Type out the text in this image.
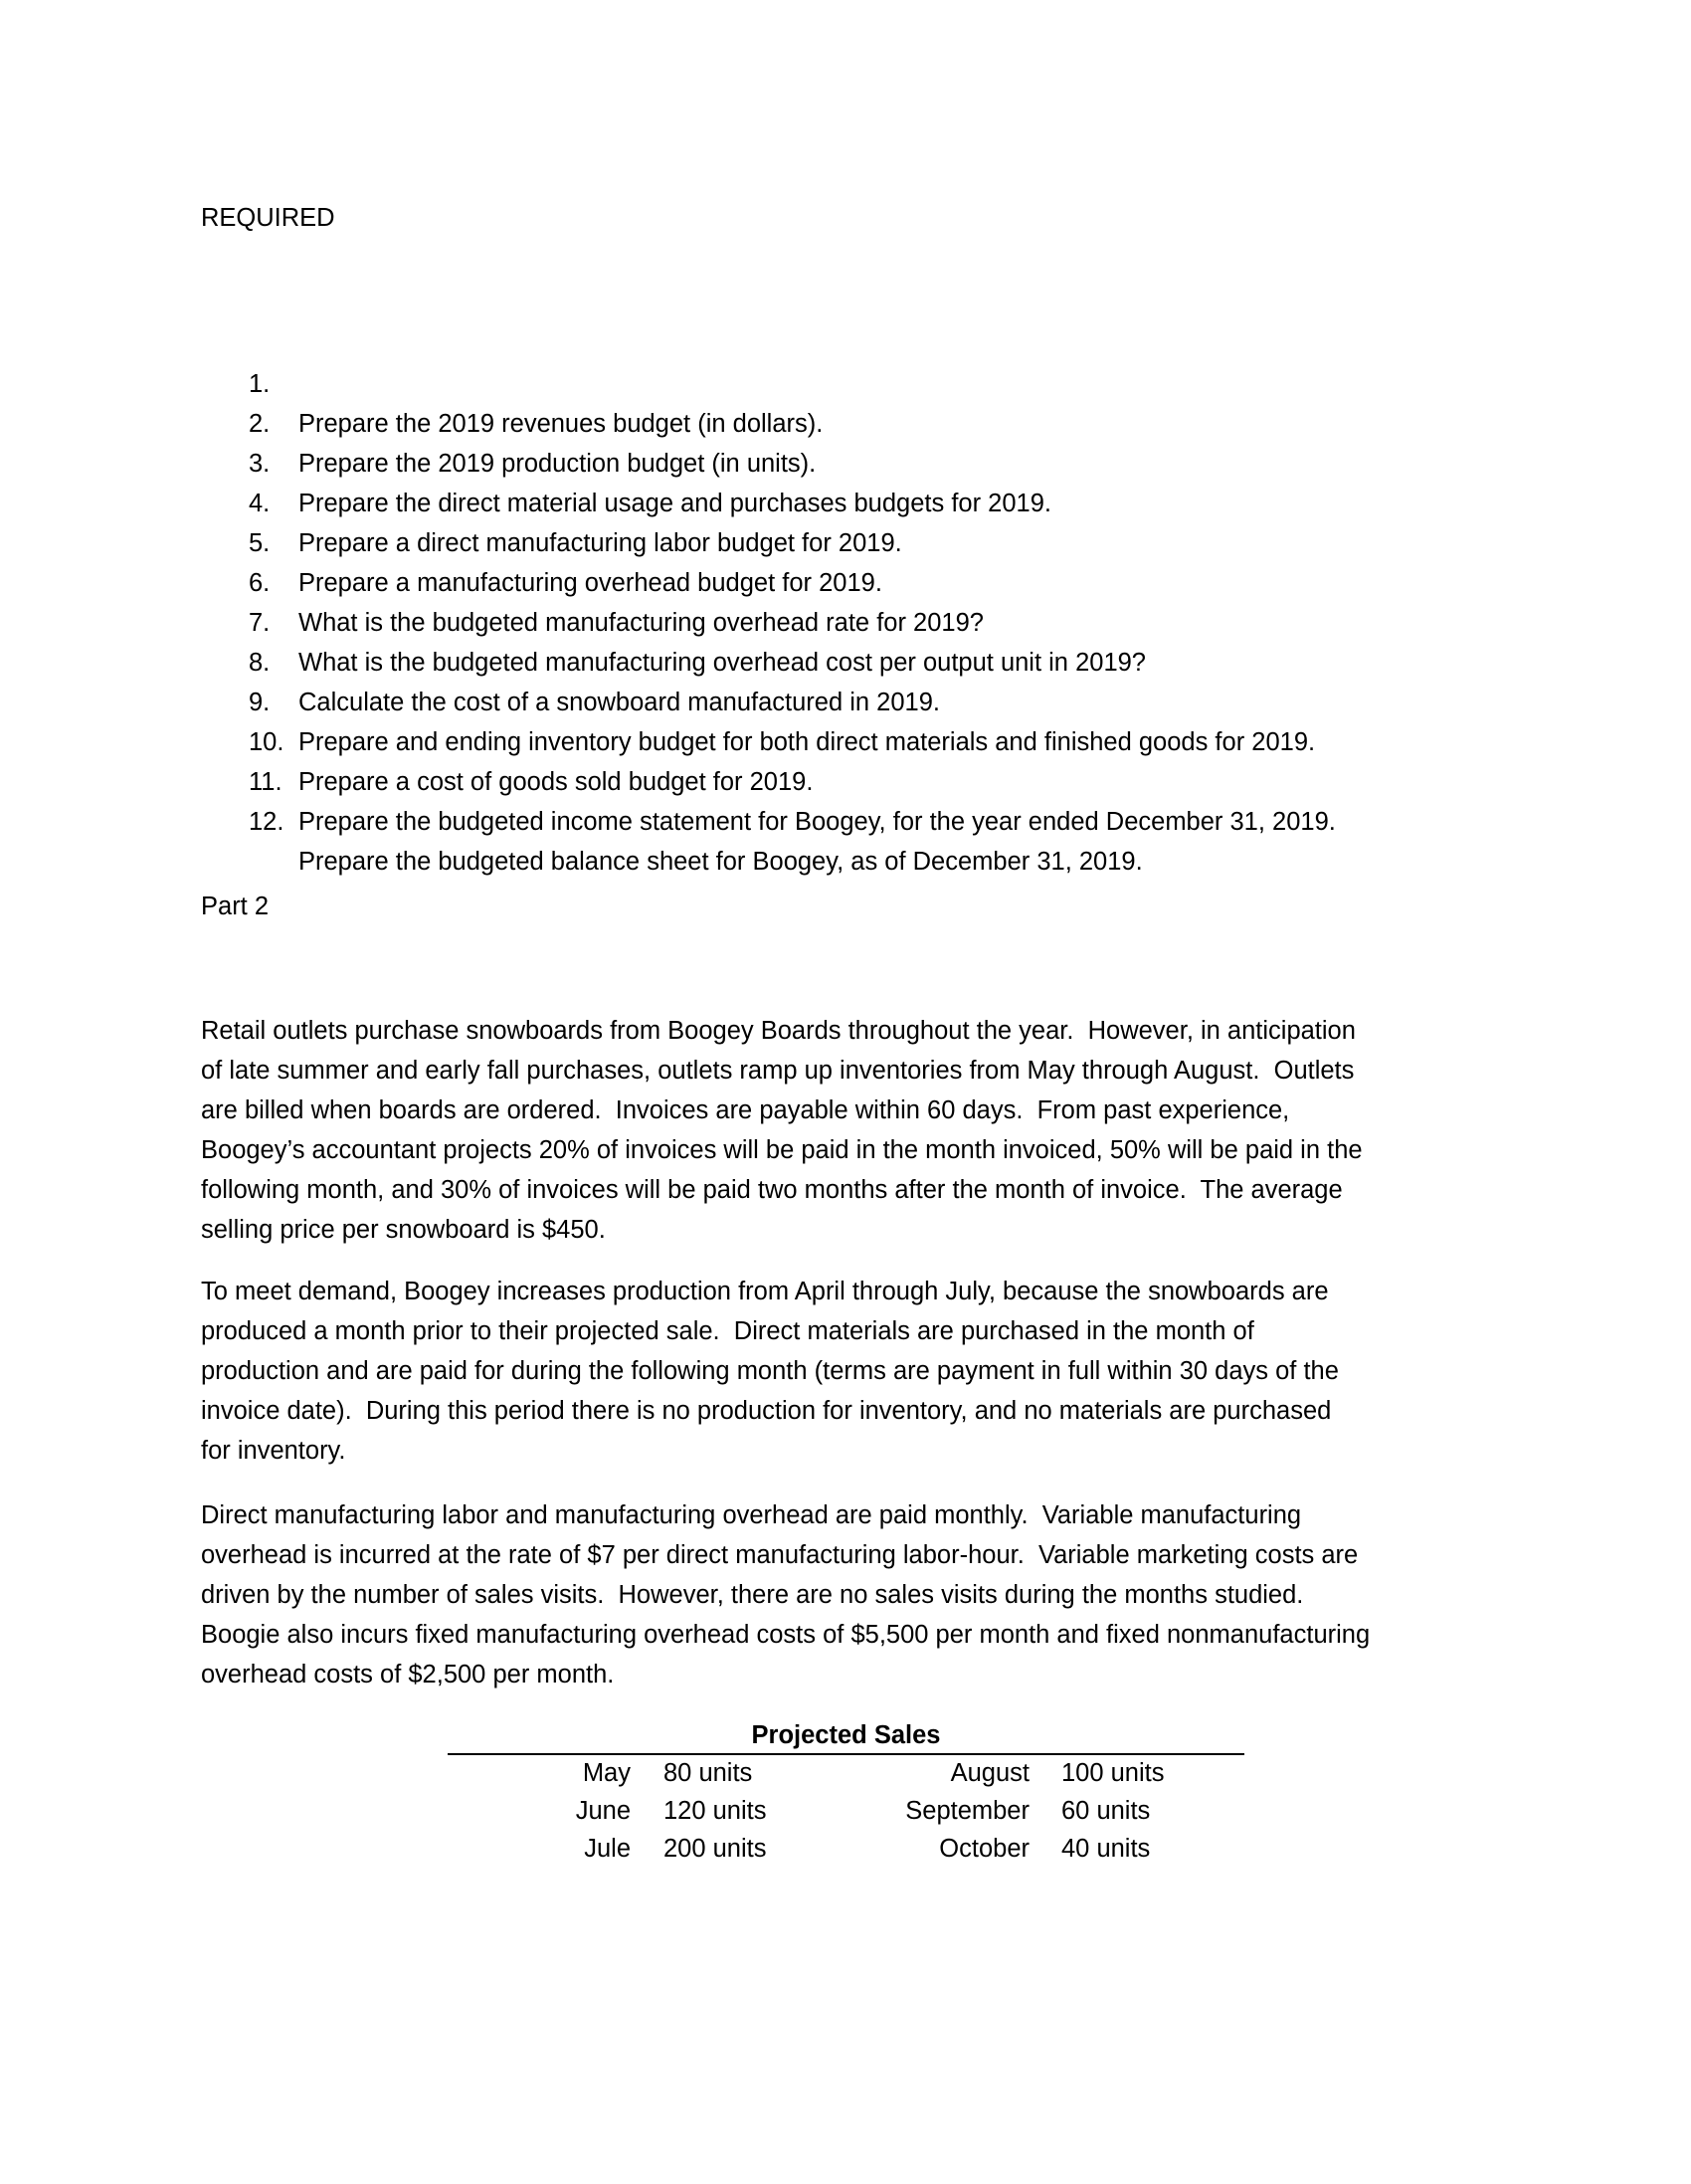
REQUIRED

1.

Prepare the 2019 revenues budget (in dollars).

2.

Prepare the 2019 production budget (in units).

3.

Prepare the direct material usage and purchases budgets for 2019.

4.

Prepare a direct manufacturing labor budget for 2019.

5.

Prepare a manufacturing overhead budget for 2019.

6.

What is the budgeted manufacturing overhead rate for 2019?

7.

What is the budgeted manufacturing overhead cost per output unit in 2019?

8.

Calculate the cost of a snowboard manufactured in 2019.

9.

Prepare and ending inventory budget for both direct materials and finished goods for 2019.

10.

Prepare a cost of goods sold budget for 2019.

11.

Prepare the budgeted income statement for Boogey, for the year ended December 31, 2019.

12.

Prepare the budgeted balance sheet for Boogey, as of December 31, 2019.

Part 2
Retail outlets purchase snowboards from Boogey Boards throughout the year.  However, in anticipation
of late summer and early fall purchases, outlets ramp up inventories from May through August.  Outlets
are billed when boards are ordered.  Invoices are payable within 60 days.  From past experience,
Boogey’s accountant projects 20% of invoices will be paid in the month invoiced, 50% will be paid in the
following month, and 30% of invoices will be paid two months after the month of invoice.  The average
selling price per snowboard is $450.
To meet demand, Boogey increases production from April through July, because the snowboards are
produced a month prior to their projected sale.  Direct materials are purchased in the month of
production and are paid for during the following month (terms are payment in full within 30 days of the
invoice date).  During this period there is no production for inventory, and no materials are purchased
for inventory.
Direct manufacturing labor and manufacturing overhead are paid monthly.  Variable manufacturing
overhead is incurred at the rate of $7 per direct manufacturing labor-hour.  Variable marketing costs are
driven by the number of sales visits.  However, there are no sales visits during the months studied.
Boogie also incurs fixed manufacturing overhead costs of $5,500 per month and fixed nonmanufacturing
overhead costs of $2,500 per month.
Projected Sales
May 80 units	August 100 units
June 120 units	September 60 units
Jule 200 units	October 40 units
